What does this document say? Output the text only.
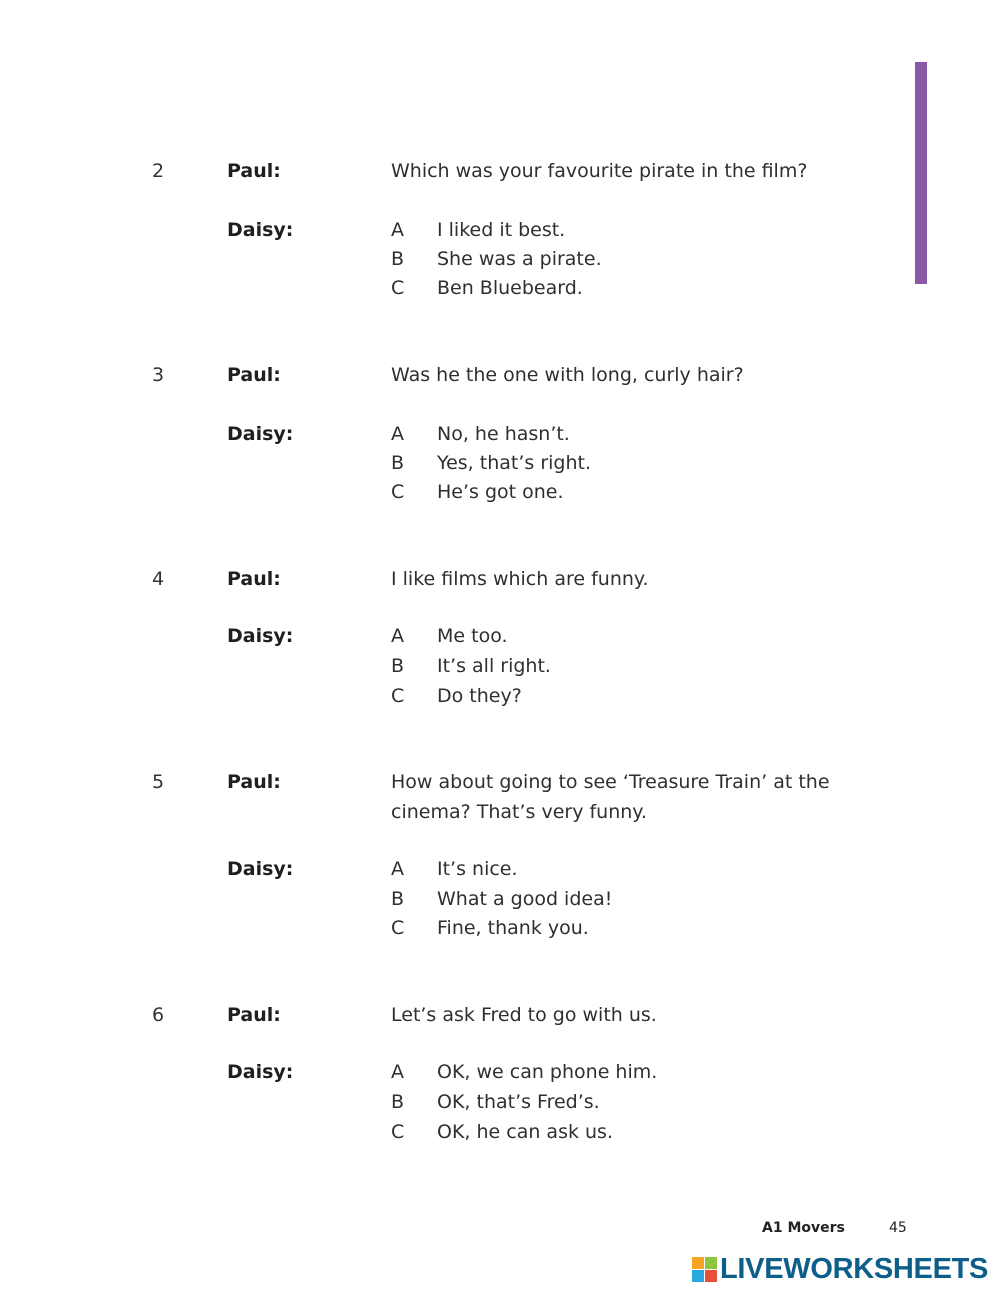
2	Paul:	Which was your favourite pirate in the film?
Daisy:	A I liked it best.
B She was a pirate.
C Ben Bluebeard.
3	Paul:	Was he the one with long, curly hair?
Daisy:	A No, he hasn’t.
B Yes, that’s right.
C He’s got one.
4	Paul:	I like films which are funny.
Daisy:	A Me too.
B It’s all right.
C Do they?
5	Paul:	How about going to see ‘Treasure Train’ at the cinema? That’s very funny.
Daisy:	A It’s nice.
B What a good idea!
C Fine, thank you.
6	Paul:	Let’s ask Fred to go with us.
Daisy:	A OK, we can phone him.
B OK, that’s Fred’s.
C OK, he can ask us.
A1 Movers	45
LIVEWORKSHEETS
